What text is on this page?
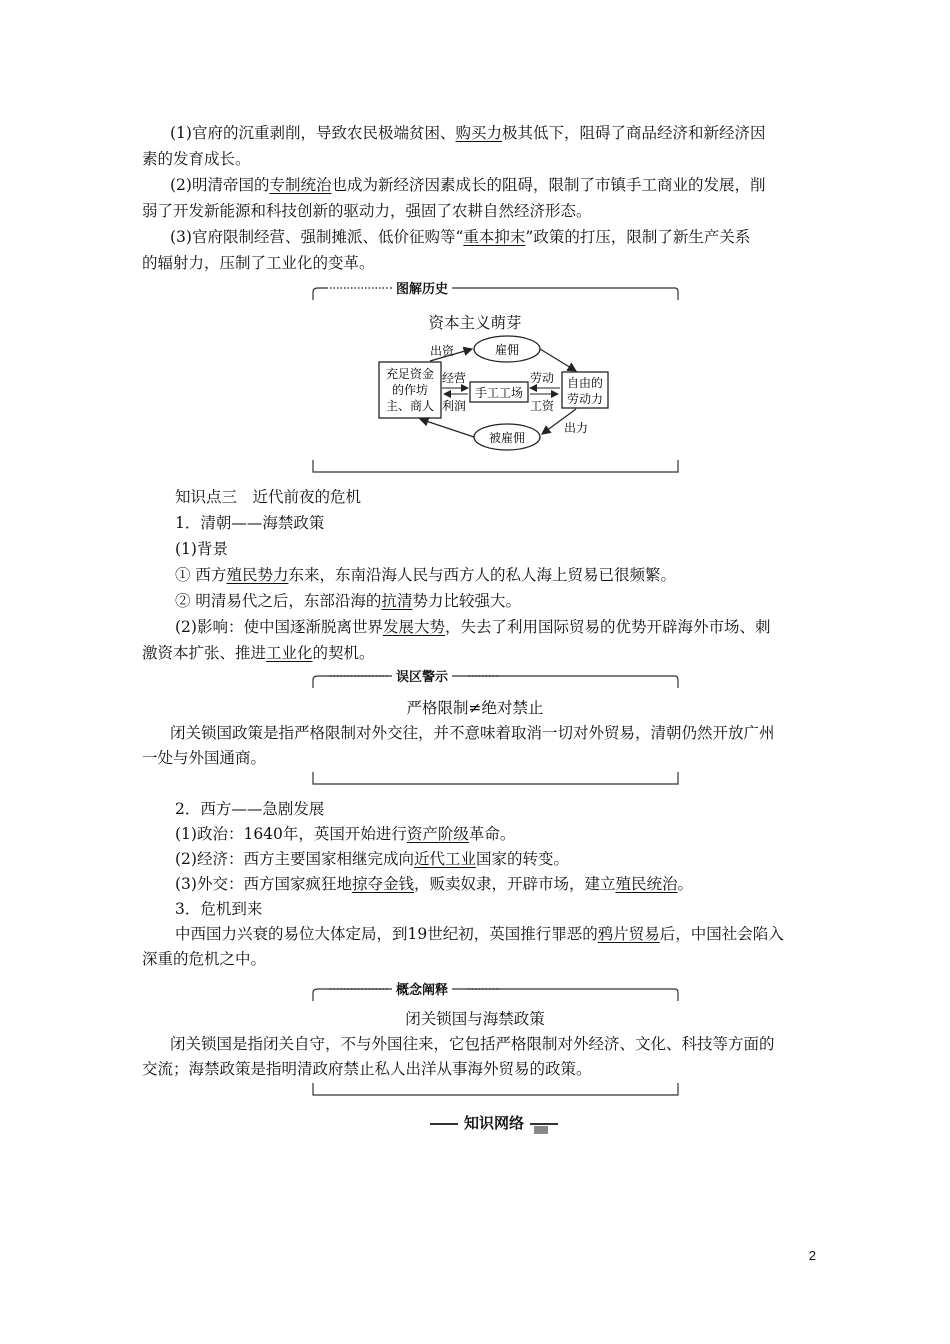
(1)官府的沉重剥削，导致农民极端贫困、购买力极其低下，阻碍了商品经济和新经济因
素的发育成长。
(2)明清帝国的专制统治也成为新经济因素成长的阻碍，限制了市镇手工商业的发展，削
弱了开发新能源和科技创新的驱动力，强固了农耕自然经济形态。
(3)官府限制经营、强制摊派、低价征购等“重本抑末”政策的打压，限制了新生产关系
的辐射力，压制了工业化的变革。
图解历史
资本主义萌芽
充足资金
的作坊
主、商人
手工工场
自由的
劳动力
雇佣
被雇佣
出资
经营
利润
劳动
工资
出力
知识点三　近代前夜的危机
1．清朝——海禁政策
(1)背景
① 西方殖民势力东来，东南沿海人民与西方人的私人海上贸易已很频繁。
② 明清易代之后，东部沿海的抗清势力比较强大。
(2)影响：使中国逐渐脱离世界发展大势，失去了利用国际贸易的优势开辟海外市场、刺
激资本扩张、推进工业化的契机。
误区警示
严格限制≠绝对禁止
闭关锁国政策是指严格限制对外交往，并不意味着取消一切对外贸易，清朝仍然开放广州
一处与外国通商。
2．西方——急剧发展
(1)政治：1640年，英国开始进行资产阶级革命。
(2)经济：西方主要国家相继完成向近代工业国家的转变。
(3)外交：西方国家疯狂地掠夺金钱，贩卖奴隶，开辟市场，建立殖民统治。
3．危机到来
中西国力兴衰的易位大体定局，到19世纪初，英国推行罪恶的鸦片贸易后，中国社会陷入
深重的危机之中。
概念阐释
闭关锁国与海禁政策
闭关锁国是指闭关自守，不与外国往来，它包括严格限制对外经济、文化、科技等方面的
交流；海禁政策是指明清政府禁止私人出洋从事海外贸易的政策。
知识网络
2
